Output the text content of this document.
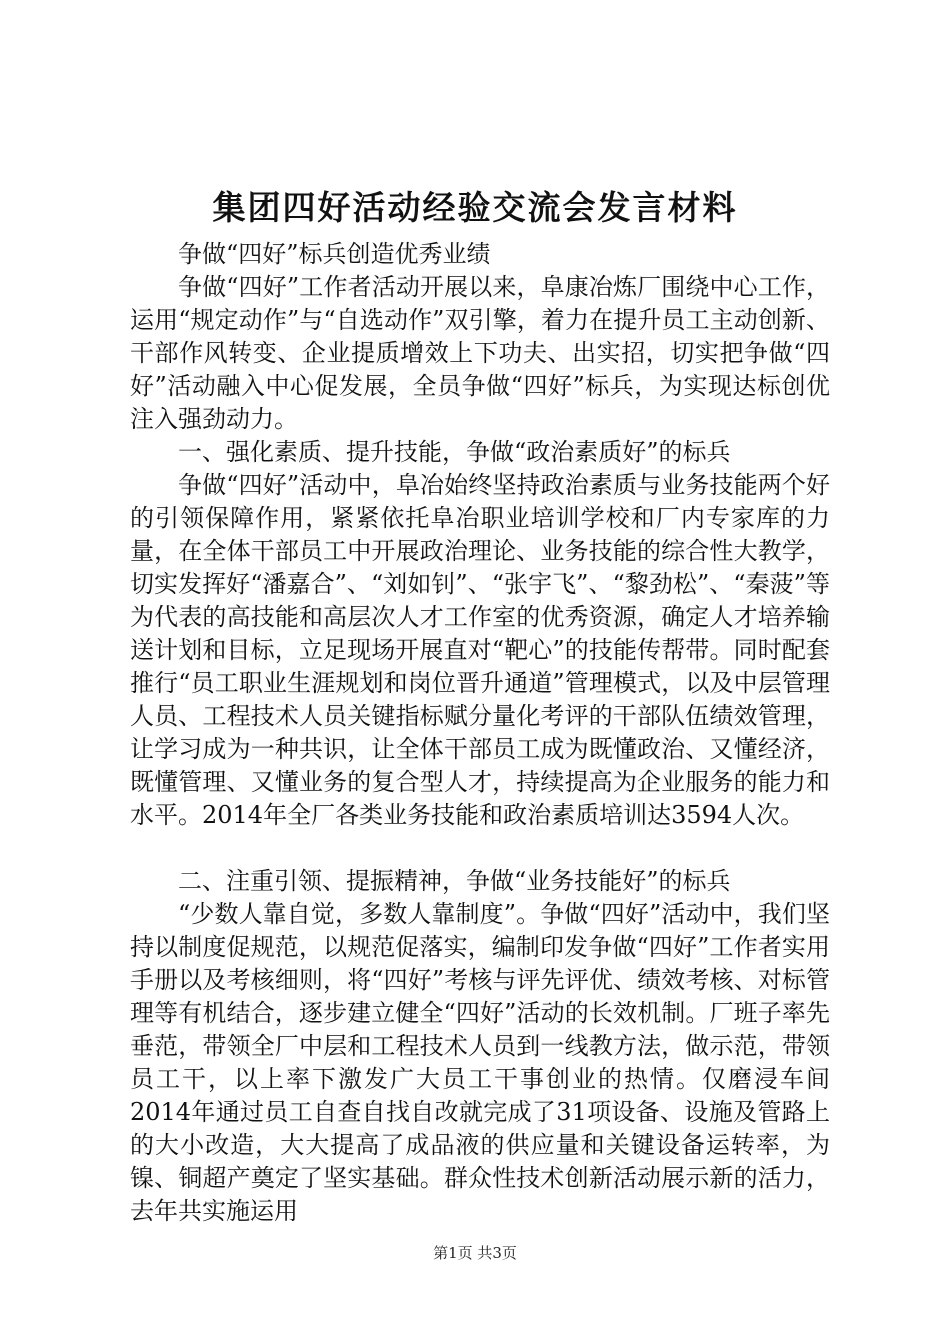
集团四好活动经验交流会发言材料

争做“四好”标兵创造优秀业绩

争做“四好”工作者活动开展以来，阜康冶炼厂围绕中心工作，运用“规定动作”与“自选动作”双引擎，着力在提升员工主动创新、干部作风转变、企业提质增效上下功夫、出实招，切实把争做“四好”活动融入中心促发展，全员争做“四好”标兵，为实现达标创优注入强劲动力。

一、强化素质、提升技能，争做“政治素质好”的标兵

争做“四好”活动中，阜冶始终坚持政治素质与业务技能两个好的引领保障作用，紧紧依托阜冶职业培训学校和厂内专家库的力量，在全体干部员工中开展政治理论、业务技能的综合性大教学，切实发挥好“潘嘉合”、“刘如钊”、“张宇飞”、“黎劲松”、“秦菠”等为代表的高技能和高层次人才工作室的优秀资源，确定人才培养输送计划和目标，立足现场开展直对“靶心”的技能传帮带。同时配套推行“员工职业生涯规划和岗位晋升通道”管理模式，以及中层管理人员、工程技术人员关键指标赋分量化考评的干部队伍绩效管理，让学习成为一种共识，让全体干部员工成为既懂政治、又懂经济，既懂管理、又懂业务的复合型人才，持续提高为企业服务的能力和水平。2014年全厂各类业务技能和政治素质培训达3594人次。

二、注重引领、提振精神，争做“业务技能好”的标兵

“少数人靠自觉，多数人靠制度”。争做“四好”活动中，我们坚持以制度促规范，以规范促落实，编制印发争做“四好”工作者实用手册以及考核细则，将“四好”考核与评先评优、绩效考核、对标管理等有机结合，逐步建立健全“四好”活动的长效机制。厂班子率先垂范，带领全厂中层和工程技术人员到一线教方法，做示范，带领员工干，以上率下激发广大员工干事创业的热情。仅磨浸车间2014年通过员工自查自找自改就完成了31项设备、设施及管路上的大小改造，大大提高了成品液的供应量和关键设备运转率，为镍、铜超产奠定了坚实基础。群众性技术创新活动展示新的活力，去年共实施运用

第1页 共3页
